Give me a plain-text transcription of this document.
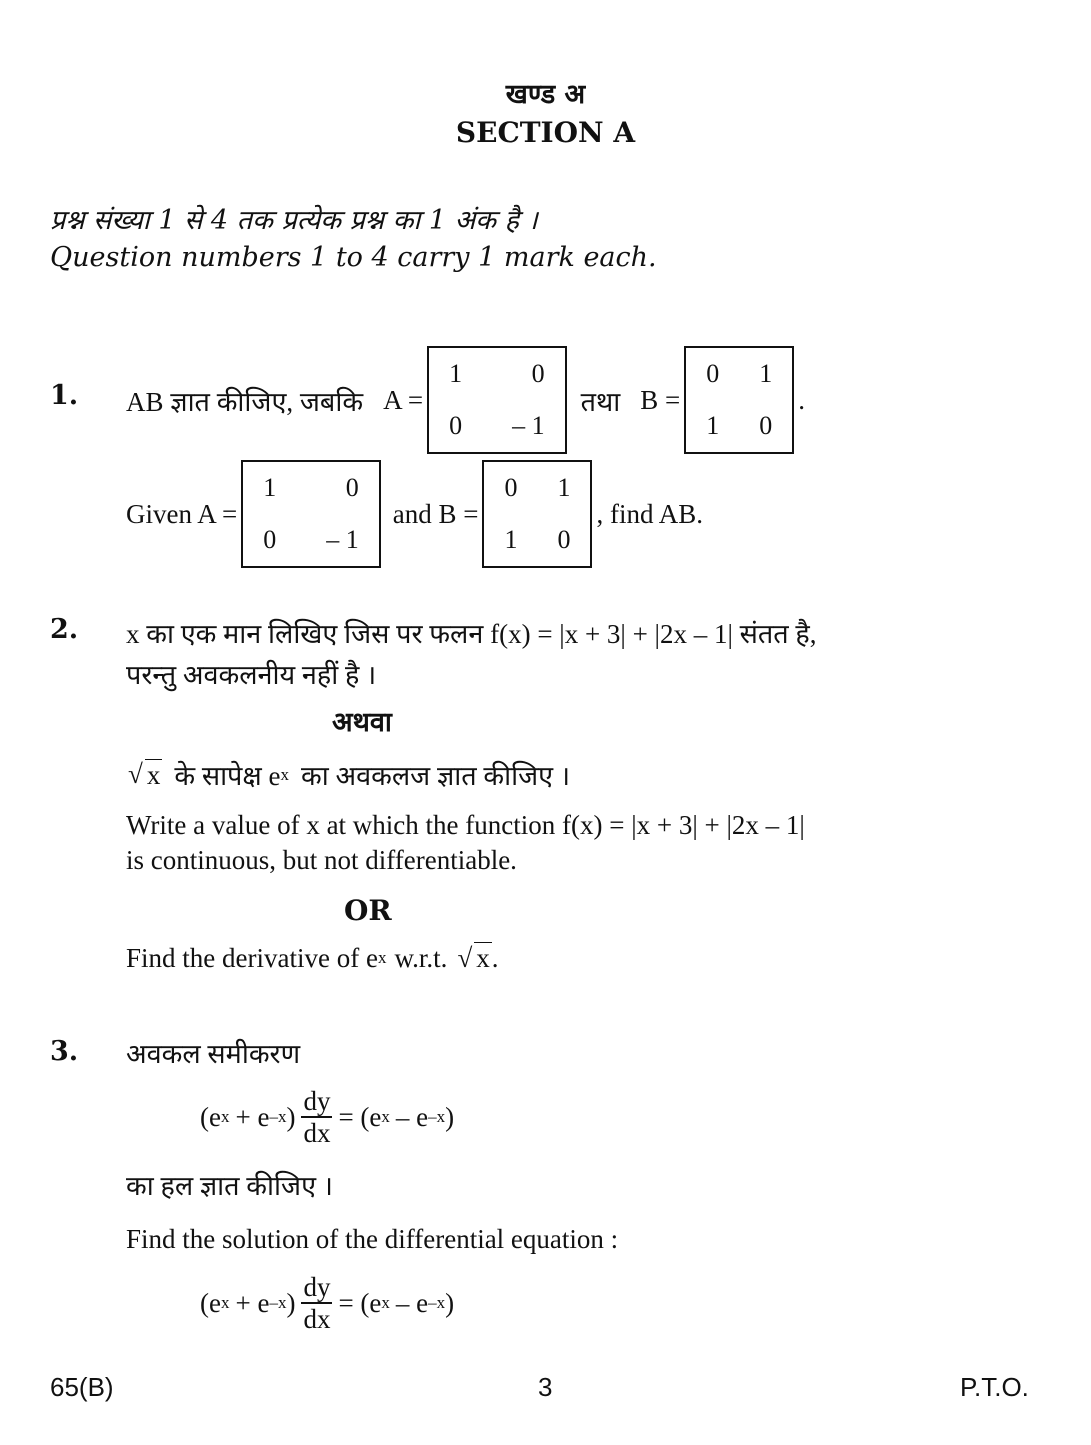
खण्ड अ
SECTION A
प्रश्न संख्या 1 से 4 तक प्रत्येक प्रश्न का 1 अंक है ।
Question numbers 1 to 4 carry 1 mark each.
1. AB ज्ञात कीजिए, जबकि A =
1	0
0	– 1
तथा B =
0	1
1	0
.
Given A =
1	0
0	– 1
and B =
0	1
1	0
, find AB.
2. x का एक मान लिखिए जिस पर फलन f(x) = |x + 3| + |2x – 1| संतत है,
परन्तु अवकलनीय नहीं है ।
अथवा
√ x के सापेक्ष e x का अवकलज ज्ञात कीजिए ।
Write a value of x at which the function f(x) = |x + 3| + |2x – 1|
is continuous, but not differentiable.
OR
Find the derivative of e x w.r.t. √ x .
3. अवकल समीकरण
(e x + e –x ) $\frac{dy}{dx} = (e$ x – e –x )
का हल ज्ञात कीजिए ।
Find the solution of the differential equation :
(e x + e –x ) $\frac{dy}{dx} = (e$ x – e –x )
65(B)	3	P.T.O.
